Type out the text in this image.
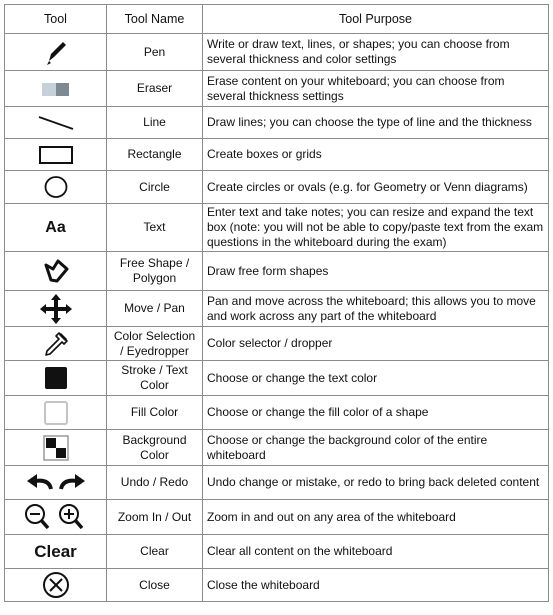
Tool	Tool Name	Tool Purpose

	Pen	Write or draw text, lines, or shapes; you can choose from several thickness and color settings

	Eraser	Erase content on your whiteboard; you can choose from several thickness settings

	Line	Draw lines; you can choose the type of line and the thickness

	Rectangle	Create boxes or grids

	Circle	Create circles or ovals (e.g. for Geometry or Venn diagrams)
Aa	Text	Enter text and take notes; you can resize and expand the text box (note: you will not be able to copy/paste text from the exam questions in the whiteboard during the exam)

	Free Shape / Polygon	Draw free form shapes

	Move / Pan	Pan and move across the whiteboard; this allows you to move and work across any part of the whiteboard

	Color Selection / Eyedropper	Color selector / dropper

	Stroke / Text Color	Choose or change the text color

	Fill Color	Choose or change the fill color of a shape

	Background Color	Choose or change the background color of the entire whiteboard

	Undo / Redo	Undo change or mistake, or redo to bring back deleted content

	Zoom In / Out	Zoom in and out on any area of the whiteboard
Clear	Clear	Clear all content on the whiteboard

	Close	Close the whiteboard
